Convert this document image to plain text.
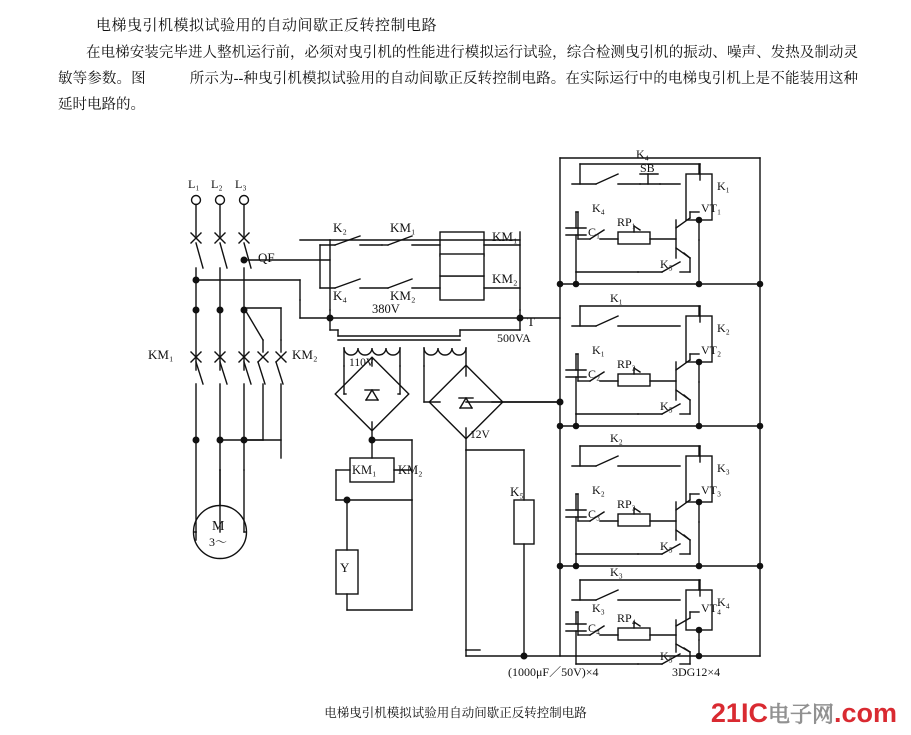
电梯曳引机模拟试验用的自动间歇正反转控制电路
在电梯安装完毕进人整机运行前，必须对曳引机的性能进行模拟运行试验，综合检测曳引机的振动、噪声、发热及制动灵敏等参数。图　　　所示为--种曳引机模拟试验用的自动间歇正反转控制电路。在实际运行中的电梯曳引机上是不能装用这种延时电路的。
L₁ L₂ L₃
QF
KM₁	KM₂
M
3～
K₂	KM₁
K₄	KM₂
KM₁
KM₂
380V
T
500VA
110V
12V
KM₁ KM₂
Y
K₅
K₄
SB
K₄
RP₁
VT₁
C₁
K₁
K₅
K₁
K₁
RP₂
VT₂
C₂
K₂
K₅
K₂
K₂
RP₃
VT₃
C₃
K₃
K₅
K₃
K₃
RP₄
VT₄
C₄
K₄
K₅
(1000μF／50V)×4	3DG12×4
电梯曳引机模拟试验用自动间歇正反转控制电路	21IC电子网.com
